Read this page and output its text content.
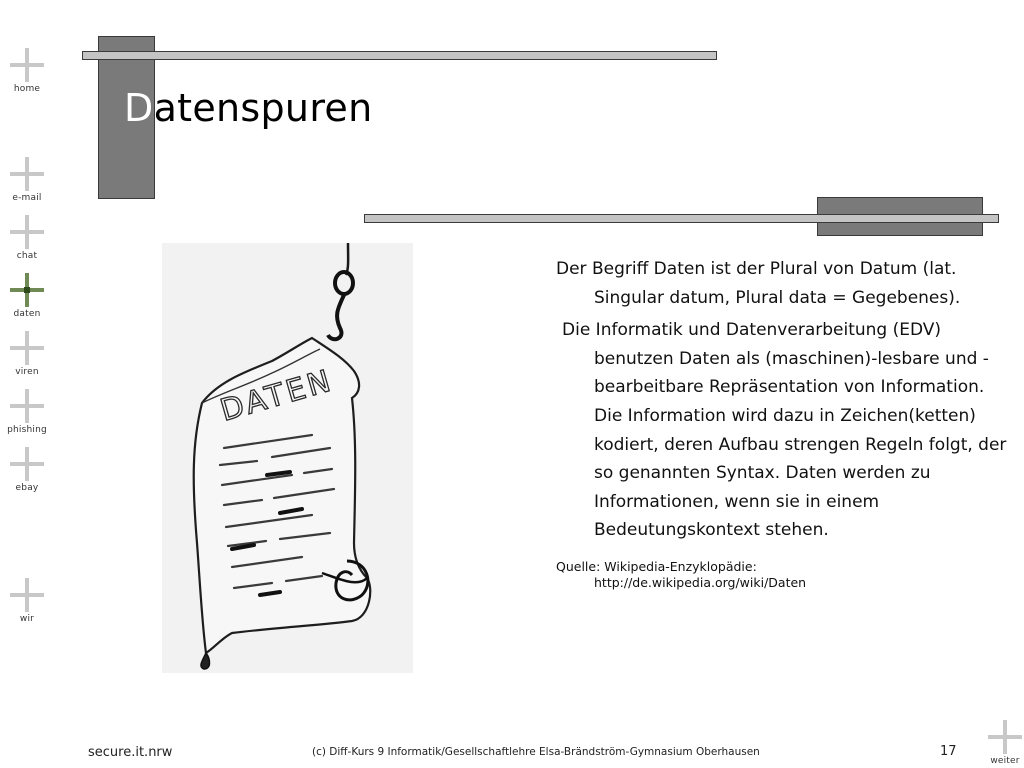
home
e-mail
chat
daten
viren
phishing
ebay
wir
Datenspuren
DATEN

Der Begriff Daten ist der Plural von Datum (lat. Singular datum, Plural data = Gegebenes).

Die Informatik und Datenverarbeitung (EDV) benutzen Daten als (maschinen)-lesbare und -bearbeitbare Repräsentation von Information. Die Information wird dazu in Zeichen(ketten) kodiert, deren Aufbau strengen Regeln folgt, der so genannten Syntax. Daten werden zu Informationen, wenn sie in einem Bedeutungskontext stehen.

Quelle: Wikipedia-Enzyklopädie:
http://de.wikipedia.org/wiki/Daten
secure.it.nrw	(c) Diff-Kurs 9 Informatik/Gesellschaftlehre Elsa-Brändström-Gymnasium Oberhausen	17
weiter
